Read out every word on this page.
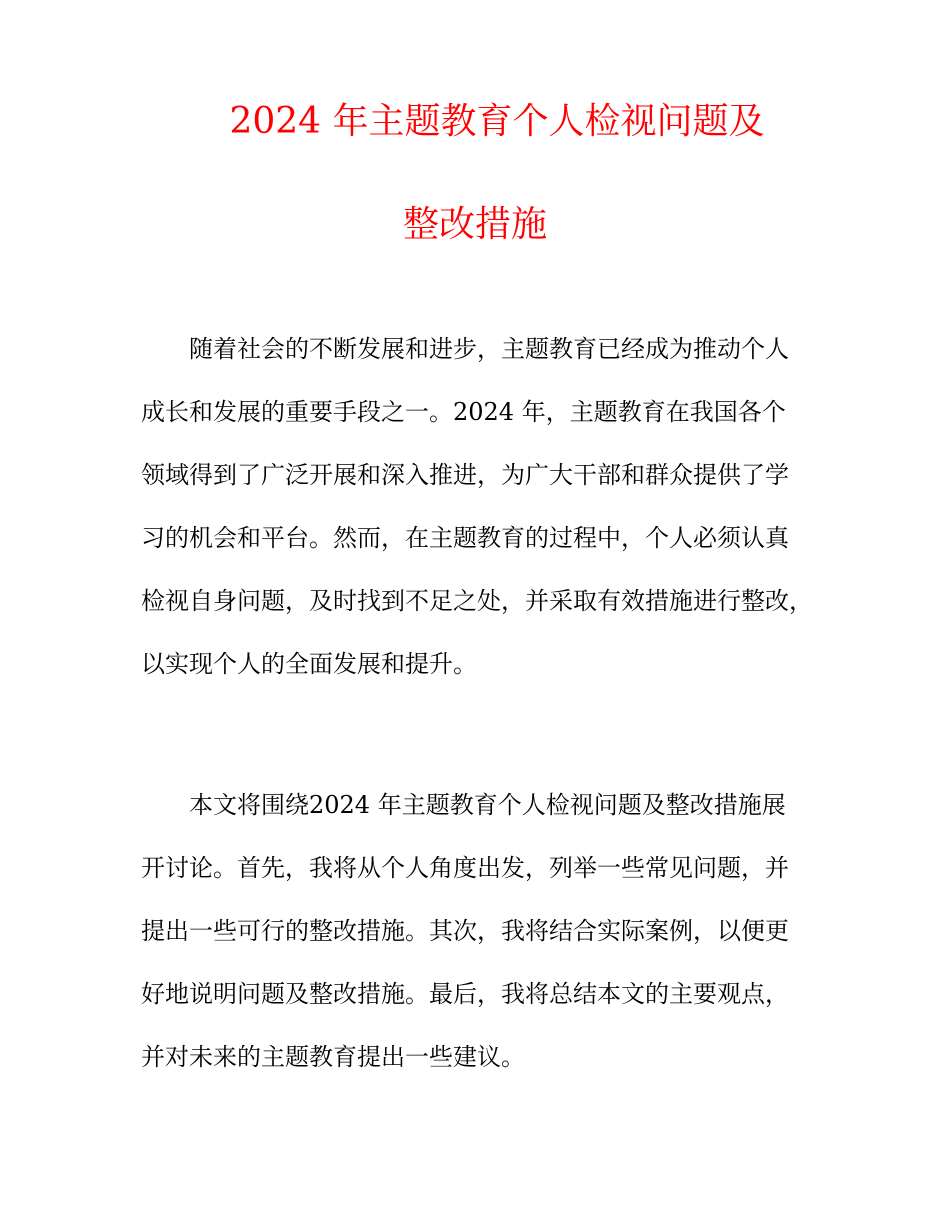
2024 年主题教育个人检视问题及
整改措施
随着社会的不断发展和进步，主题教育已经成为推动个人
成长和发展的重要手段之一。2024 年，主题教育在我国各个
领域得到了广泛开展和深入推进，为广大干部和群众提供了学
习的机会和平台。然而，在主题教育的过程中，个人必须认真
检视自身问题，及时找到不足之处，并采取有效措施进行整改，
以实现个人的全面发展和提升。
本文将围绕2024 年主题教育个人检视问题及整改措施展
开讨论。首先，我将从个人角度出发，列举一些常见问题，并
提出一些可行的整改措施。其次，我将结合实际案例，以便更
好地说明问题及整改措施。最后，我将总结本文的主要观点，
并对未来的主题教育提出一些建议。
